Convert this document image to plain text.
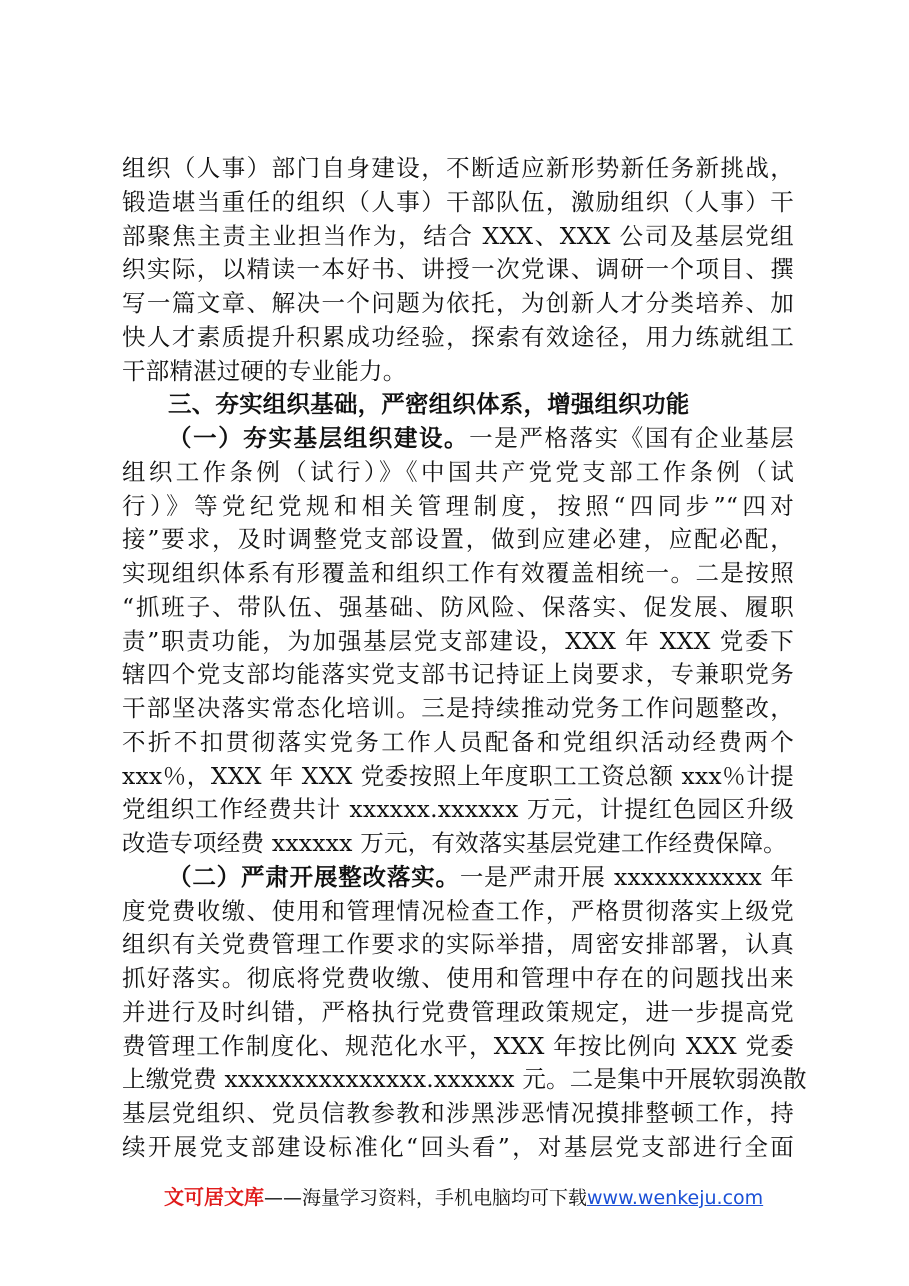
组织（人事）部门自身建设，不断适应新形势新任务新挑战，
锻造堪当重任的组织（人事）干部队伍，激励组织（人事）干
部聚焦主责主业担当作为，结合 XXX、XXX 公司及基层党组
织实际，以精读一本好书、讲授一次党课、调研一个项目、撰
写一篇文章、解决一个问题为依托，为创新人才分类培养、加
快人才素质提升积累成功经验，探索有效途径，用力练就组工
干部精湛过硬的专业能力。
三、夯实组织基础，严密组织体系，增强组织功能
（一）夯实基层组织建设。一是严格落实《国有企业基层
组织工作条例（试行）》《中国共产党党支部工作条例（试
行）》等党纪党规和相关管理制度，按照“四同步”“四对
接”要求，及时调整党支部设置，做到应建必建，应配必配，
实现组织体系有形覆盖和组织工作有效覆盖相统一。二是按照
“抓班子、带队伍、强基础、防风险、保落实、促发展、履职
责”职责功能，为加强基层党支部建设，XXX 年 XXX 党委下
辖四个党支部均能落实党支部书记持证上岗要求，专兼职党务
干部坚决落实常态化培训。三是持续推动党务工作问题整改，
不折不扣贯彻落实党务工作人员配备和党组织活动经费两个
xxx％，XXX 年 XXX 党委按照上年度职工工资总额 xxx％计提
党组织工作经费共计 xxxxxx.xxxxxx 万元，计提红色园区升级
改造专项经费 xxxxxx 万元，有效落实基层党建工作经费保障。
（二）严肃开展整改落实。一是严肃开展 xxxxxxxxxxx 年
度党费收缴、使用和管理情况检查工作，严格贯彻落实上级党
组织有关党费管理工作要求的实际举措，周密安排部署，认真
抓好落实。彻底将党费收缴、使用和管理中存在的问题找出来
并进行及时纠错，严格执行党费管理政策规定，进一步提高党
费管理工作制度化、规范化水平，XXX 年按比例向 XXX 党委
上缴党费 xxxxxxxxxxxxxxx.xxxxxx 元。二是集中开展软弱涣散
基层党组织、党员信教参教和涉黑涉恶情况摸排整顿工作，持
续开展党支部建设标准化“回头看”，对基层党支部进行全面
文可居文库——海量学习资料，手机电脑均可下载www.wenkeju.com
